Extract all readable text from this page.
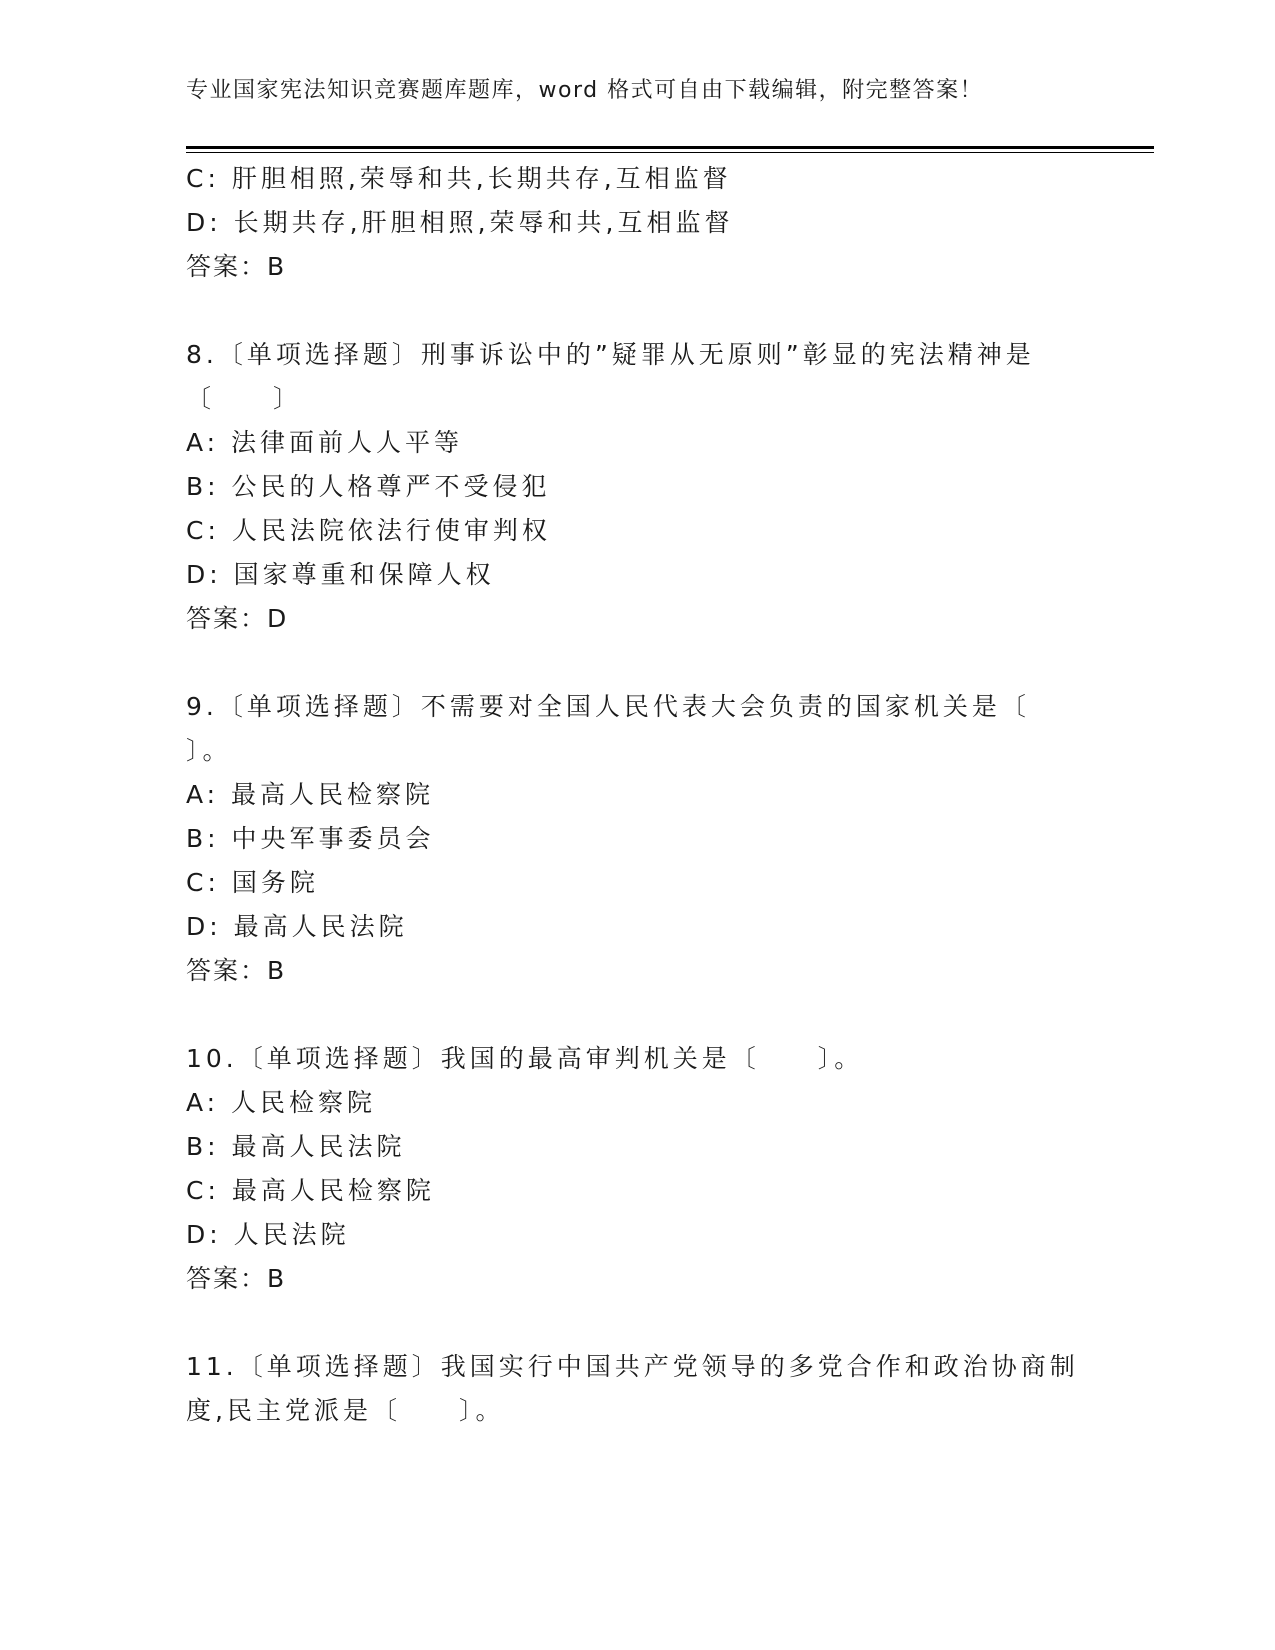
专业国家宪法知识竞赛题库题库，word 格式可自由下载编辑，附完整答案！
C: 肝胆相照,荣辱和共,长期共存,互相监督
D: 长期共存,肝胆相照,荣辱和共,互相监督
答案：B
8.〔单项选择题〕刑事诉讼中的”疑罪从无原则”彰显的宪法精神是
〔　　〕
A: 法律面前人人平等
B: 公民的人格尊严不受侵犯
C: 人民法院依法行使审判权
D: 国家尊重和保障人权
答案：D
9.〔单项选择题〕不需要对全国人民代表大会负责的国家机关是〔
〕。
A: 最高人民检察院
B: 中央军事委员会
C: 国务院
D: 最高人民法院
答案：B
10.〔单项选择题〕我国的最高审判机关是〔　　〕。
A: 人民检察院
B: 最高人民法院
C: 最高人民检察院
D: 人民法院
答案：B
11.〔单项选择题〕我国实行中国共产党领导的多党合作和政治协商制
度,民主党派是〔　　〕。
